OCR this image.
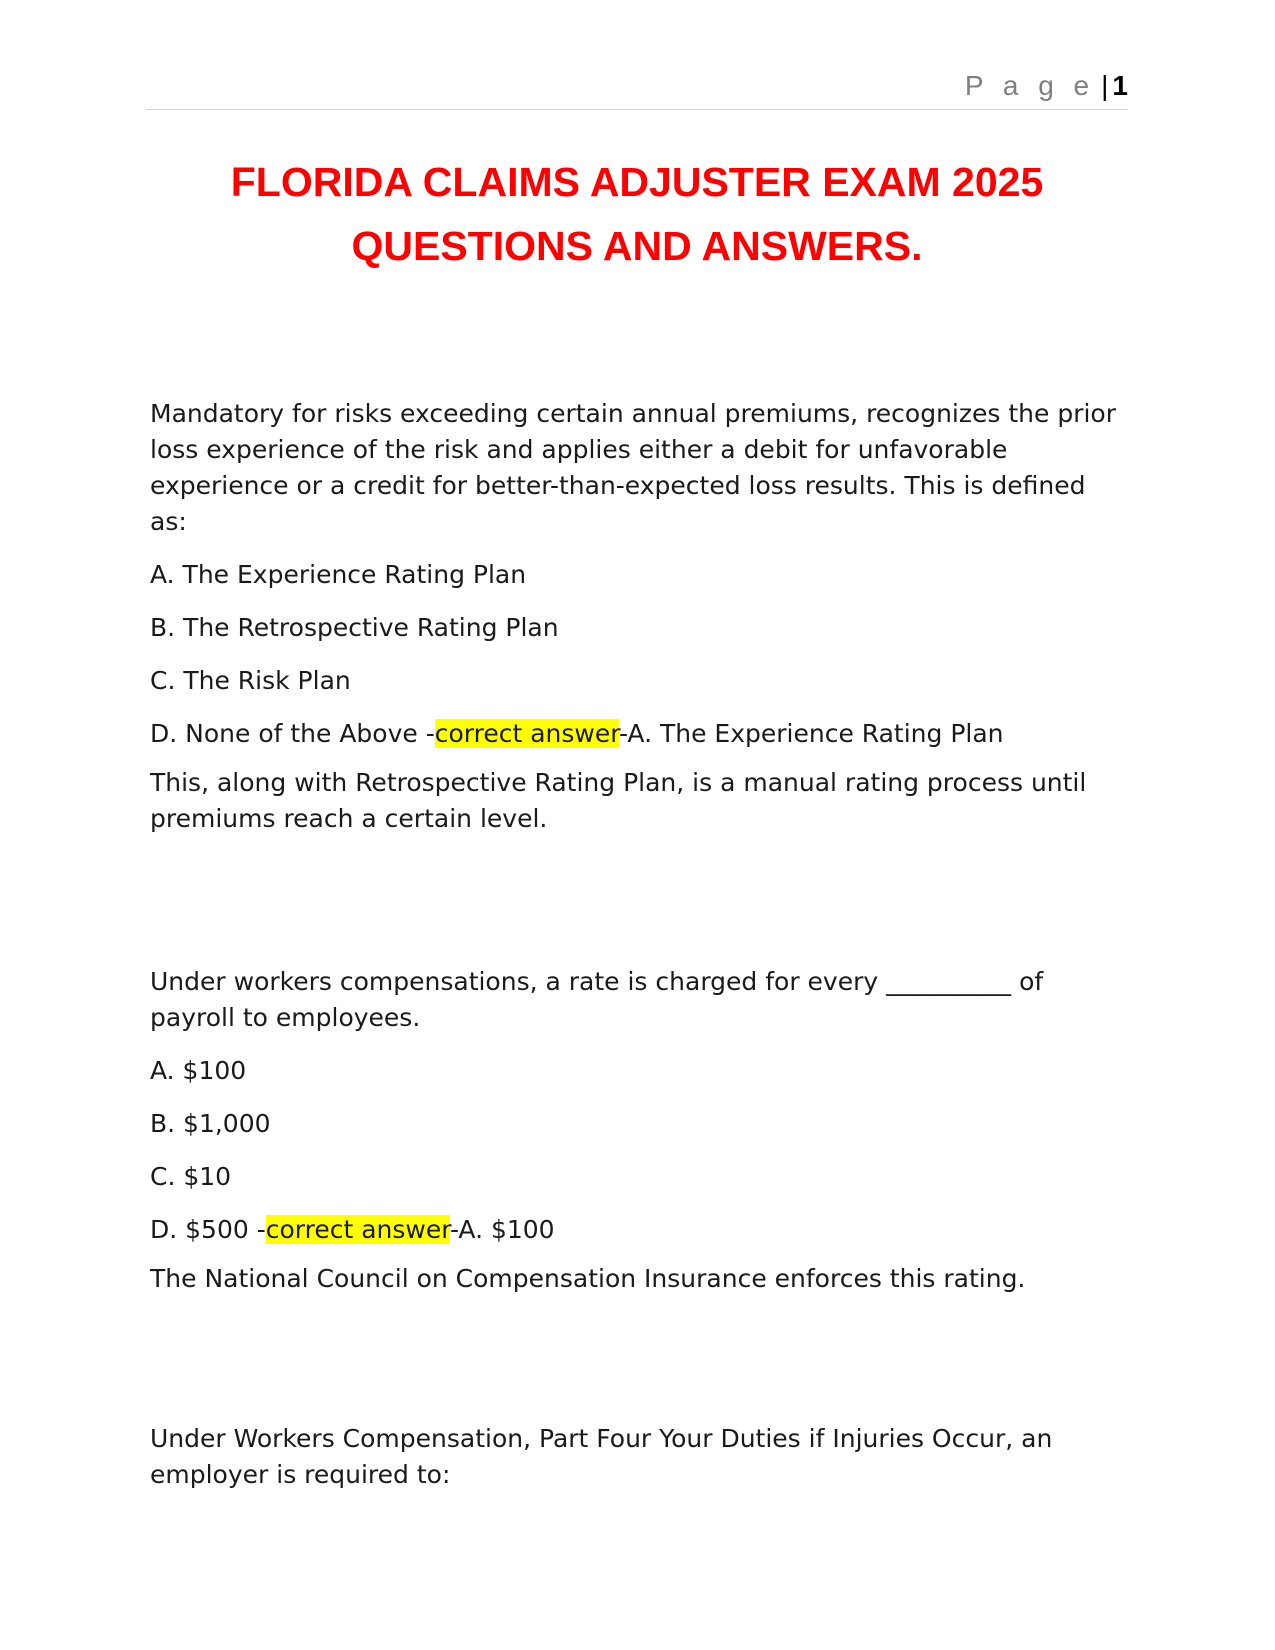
P a g e | 1
FLORIDA CLAIMS ADJUSTER EXAM 2025
QUESTIONS AND ANSWERS.

Mandatory for risks exceeding certain annual premiums, recognizes the prior loss experience of the risk and applies either a debit for unfavorable experience or a credit for better-than-expected loss results. This is defined as:

A. The Experience Rating Plan

B. The Retrospective Rating Plan

C. The Risk Plan

D. None of the Above -correct answer-A. The Experience Rating Plan

This, along with Retrospective Rating Plan, is a manual rating process until premiums reach a certain level.

Under workers compensations, a rate is charged for every __________ of payroll to employees.

A. $100

B. $1,000

C. $10

D. $500 -correct answer-A. $100

The National Council on Compensation Insurance enforces this rating.

Under Workers Compensation, Part Four Your Duties if Injuries Occur, an employer is required to:
